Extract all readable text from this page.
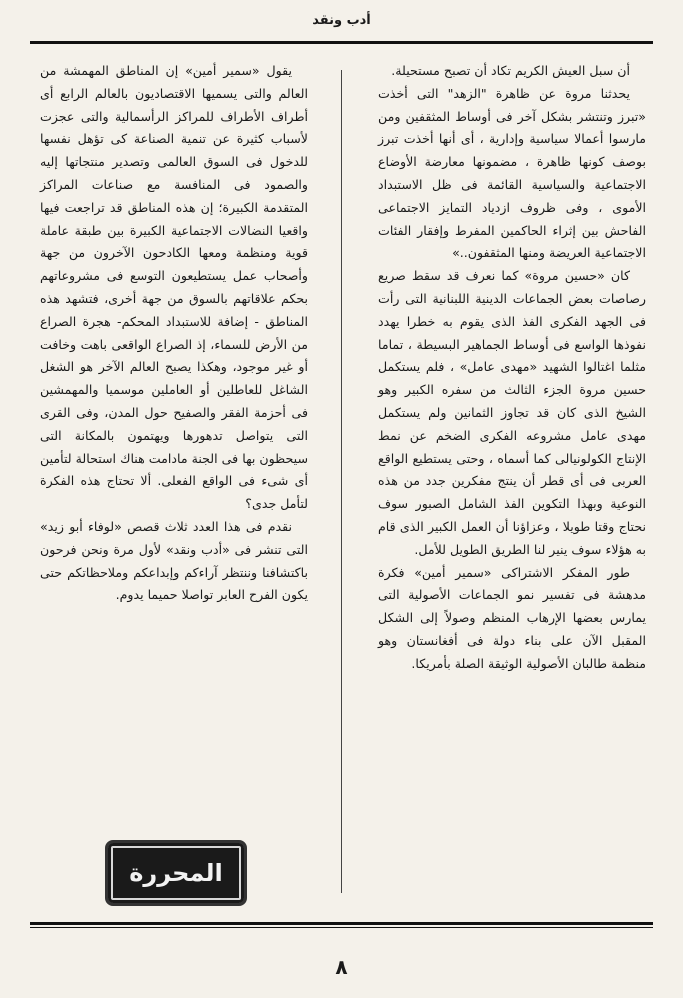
أدب ونقد

أن سبل العيش الكريم تكاد أن تصبح مستحيلة.

يحدثنا مروة عن ظاهرة "الزهد" التى أخذت «تبرز وتنتشر بشكل آخر فى أوساط المثقفين ومن مارسوا أعمالا سياسية وإدارية ، أى أنها أخذت تبرز بوصف كونها ظاهرة ، مضمونها معارضة الأوضاع الاجتماعية والسياسية القائمة فى ظل الاستبداد الأموى ، وفى ظروف ازدياد التمايز الاجتماعى الفاحش بين إثراء الحاكمين المفرط وإفقار الفئات الاجتماعية العريضة ومنها المثقفون..»

كان «حسين مروة» كما نعرف قد سقط صريع رصاصات بعض الجماعات الدينية اللبنانية التى رأت فى الجهد الفكرى الفذ الذى يقوم به خطرا يهدد نفوذها الواسع فى أوساط الجماهير البسيطة ، تماما مثلما اغتالوا الشهيد «مهدى عامل» ، فلم يستكمل حسين مروة الجزء الثالث من سفره الكبير وهو الشيخ الذى كان قد تجاوز الثمانين ولم يستكمل مهدى عامل مشروعه الفكرى الضخم عن نمط الإنتاج الكولونيالى كما أسماه ، وحتى يستطيع الواقع العربى فى أى قطر أن ينتج مفكرين جدد من هذه النوعية وبهذا التكوين الفذ الشامل الصبور سوف نحتاج وقتا طويلا ، وعزاؤنا أن العمل الكبير الذى قام به هؤلاء سوف ينير لنا الطريق الطويل للأمل.

طور المفكر الاشتراكى «سمير أمين» فكرة مدهشة فى تفسير نمو الجماعات الأصولية التى يمارس بعضها الإرهاب المنظم وصولاً إلى الشكل المقبل الآن على بناء دولة فى أفغانستان وهو منظمة طالبان الأصولية الوثيقة الصلة بأمريكا.

يقول «سمير أمين» إن المناطق المهمشة من العالم والتى يسميها الاقتصاديون بالعالم الرابع أى أطراف الأطراف للمراكز الرأسمالية والتى عجزت لأسباب كثيرة عن تنمية الصناعة كى تؤهل نفسها للدخول فى السوق العالمى وتصدير منتجاتها إليه والصمود فى المنافسة مع صناعات المراكز المتقدمة الكبيرة؛ إن هذه المناطق قد تراجعت فيها واقعيا النضالات الاجتماعية الكبيرة بين طبقة عاملة قوية ومنظمة ومعها الكادحون الآخرون من جهة وأصحاب عمل يستطيعون التوسع فى مشروعاتهم بحكم علاقاتهم بالسوق من جهة أخرى، فتشهد هذه المناطق - إضافة للاستبداد المحكم- هجرة الصراع من الأرض للسماء، إذ الصراع الواقعى باهت وخافت أو غير موجود، وهكذا يصبح العالم الآخر هو الشغل الشاغل للعاطلين أو العاملين موسميا والمهمشين فى أحزمة الفقر والصفيح حول المدن، وفى القرى التى يتواصل تدهورها ويهتمون بالمكانة التى سيحظون بها فى الجنة مادامت هناك استحالة لتأمين أى شىء فى الواقع الفعلى. ألا تحتاج هذه الفكرة لتأمل جدى؟

نقدم فى هذا العدد ثلاث قصص «لوفاء أبو زيد» التى تنشر فى «أدب ونقد» لأول مرة ونحن فرحون باكتشافنا وننتظر آراءكم وإبداعكم وملاحظاتكم حتى يكون الفرح العابر تواصلا حميما يدوم.

المحررة
٨
